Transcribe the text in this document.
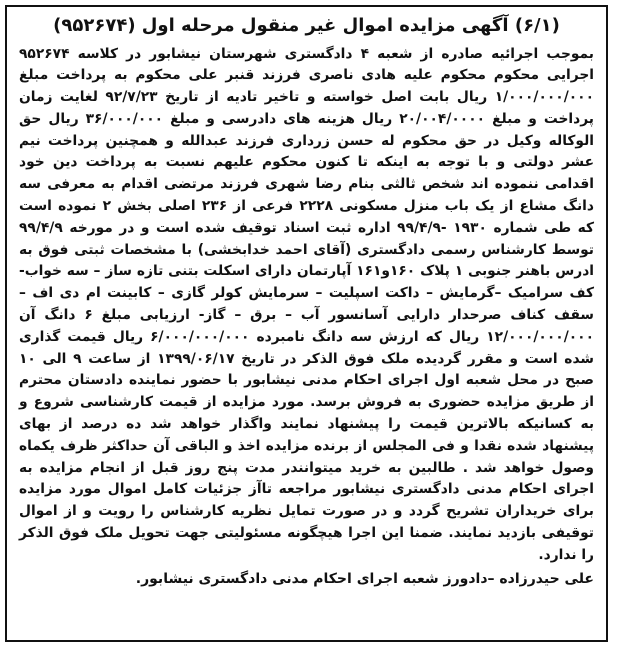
(۶/۱) آگهی مزایده اموال غیر منقول مرحله اول (۹۵۲۶۷۴)

بموجب اجرائیه صادره از شعبه ۴ دادگستری شهرستان نیشابور در کلاسه ۹۵۲۶۷۴ اجرایی محکوم محکوم علیه هادی ناصری فرزند قنبر علی محکوم به پرداخت مبلغ ۱/۰۰۰/۰۰۰/۰۰۰ ریال بابت اصل خواسته و تاخیر تادیه از تاریخ ۹۲/۷/۲۳ لغایت زمان پرداخت و مبلغ ۲۰/۰۰۴/۰۰۰۰ ریال هزینه های دادرسی و مبلغ ۳۶/۰۰۰/۰۰۰ ریال حق الوکاله وکیل در حق محکوم له حسن زرداری فرزند عبدالله و همچنین پرداخت نیم عشر دولتی و با توجه به اینکه تا کنون محکوم علیهم نسبت به پرداخت دین خود اقدامی ننموده اند شخص ثالثی بنام رضا شهری فرزند مرتضی اقدام به معرفی سه دانگ مشاع از یک باب منزل مسکونی ۲۲۲۸ فرعی از ۲۳۶ اصلی بخش ۲ نموده است که طی شماره ۱۹۳۰ -۹۹/۴/۹ اداره ثبت اسناد توقیف شده است و در مورخه ۹۹/۴/۹ توسط کارشناس رسمی دادگستری (آقای احمد خدابخشی) با مشخصات ثبتی فوق به ادرس باهنر جنوبی ۱ پلاک ۱۶۰و۱۶۱ آپارتمان دارای اسکلت بتنی تازه ساز – سه خواب- کف سرامیک –گرمایش – داکت اسپلیت – سرمایش کولر گازی – کابینت ام دی اف – سقف کناف صرحدار دارایی آسانسور آب – برق – گاز- ارزیابی مبلغ ۶ دانگ آن ۱۲/۰۰۰/۰۰۰/۰۰۰ ریال که ارزش سه دانگ نامبرده ۶/۰۰۰/۰۰۰/۰۰۰ ریال قیمت گذاری شده است و مقرر گردیده ملک فوق الذکر در تاریخ ۱۳۹۹/۰۶/۱۷ از ساعت ۹ الی ۱۰ صبح در محل شعبه اول اجرای احکام مدنی نیشابور با حضور نماینده دادستان محترم از طریق مزایده حضوری به فروش برسد. مورد مزایده از قیمت کارشناسی شروع و به کسانیکه بالاترین قیمت را پیشنهاد نمایند واگذار خواهد شد ده درصد از بهای پیشنهاد شده نقدا و فی المجلس از برنده مزایده اخذ و الباقی آن حداکثر ظرف یکماه وصول خواهد شد . طالبین به خرید میتوانندر مدت پنج روز قبل از انجام مزایده به اجرای احکام مدنی دادگستری نیشابور مراجعه تاآز جزئیات کامل اموال مورد مزایده برای خریداران تشریح گردد و در صورت تمایل نظریه کارشناس را رویت و از اموال توقیفی بازدید نمایند. ضمنا این اجرا هیچگونه مسئولیتی جهت تحویل ملک فوق الذکر را ندارد.

علی حیدرزاده –دادورز شعبه اجرای احکام مدنی دادگستری نیشابور.
